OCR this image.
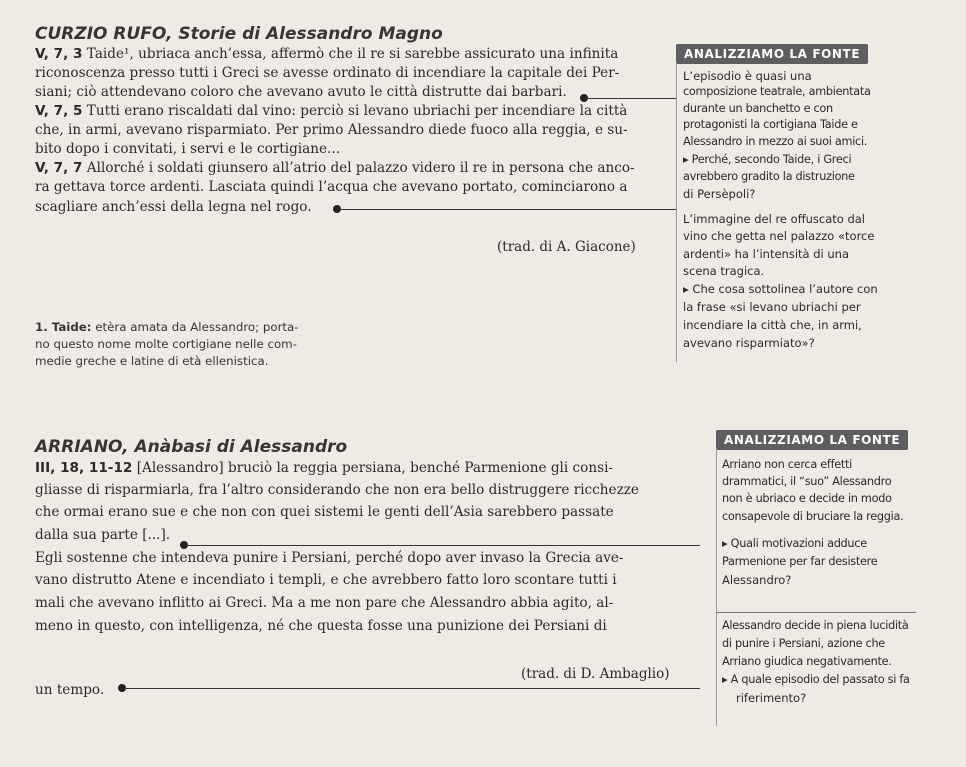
CURZIO RUFO, Storie di Alessandro Magno
V, 7, 3 Taide¹, ubriaca anch’essa, affermò che il re si sarebbe assicurato una infinita
riconoscenza presso tutti i Greci se avesse ordinato di incendiare la capitale dei Per-
siani; ciò attendevano coloro che avevano avuto le città distrutte dai barbari.
V, 7, 5 Tutti erano riscaldati dal vino: perciò si levano ubriachi per incendiare la città
che, in armi, avevano risparmiato. Per primo Alessandro diede fuoco alla reggia, e su-
bito dopo i convitati, i servi e le cortigiane...
V, 7, 7 Allorché i soldati giunsero all’atrio del palazzo videro il re in persona che anco-
ra gettava torce ardenti. Lasciata quindi l’acqua che avevano portato, cominciarono a
scagliare anch’essi della legna nel rogo.
(trad. di A. Giacone)
1. Taide: etèra amata da Alessandro; porta-
no questo nome molte cortigiane nelle com-
medie greche e latine di età ellenistica.
ANALIZZIAMO LA FONTE
L’episodio è quasi una
composizione teatrale, ambientata
durante un banchetto e con
protagonisti la cortigiana Taide e
Alessandro in mezzo ai suoi amici.
▸ Perché, secondo Taide, i Greci
avrebbero gradito la distruzione
di Persèpoli?
L’immagine del re offuscato dal
vino che getta nel palazzo «torce
ardenti» ha l’intensità di una
scena tragica.
▸ Che cosa sottolinea l’autore con
la frase «si levano ubriachi per
incendiare la città che, in armi,
avevano risparmiato»?
ARRIANO, Anàbasi di Alessandro
III, 18, 11-12 [Alessandro] bruciò la reggia persiana, benché Parmenione gli consi-
gliasse di risparmiarla, fra l’altro considerando che non era bello distruggere ricchezze
che ormai erano sue e che non con quei sistemi le genti dell’Asia sarebbero passate
dalla sua parte [...].
Egli sostenne che intendeva punire i Persiani, perché dopo aver invaso la Grecia ave-
vano distrutto Atene e incendiato i templi, e che avrebbero fatto loro scontare tutti i
mali che avevano inflitto ai Greci. Ma a me non pare che Alessandro abbia agito, al-
meno in questo, con intelligenza, né che questa fosse una punizione dei Persiani di
un tempo.
(trad. di D. Ambaglio)
ANALIZZIAMO LA FONTE
Arriano non cerca effetti
drammatici, il “suo” Alessandro
non è ubriaco e decide in modo
consapevole di bruciare la reggia.
▸ Quali motivazioni adduce
Parmenione per far desistere
Alessandro?
Alessandro decide in piena lucidità
di punire i Persiani, azione che
Arriano giudica negativamente.
▸ A quale episodio del passato si fa
riferimento?
